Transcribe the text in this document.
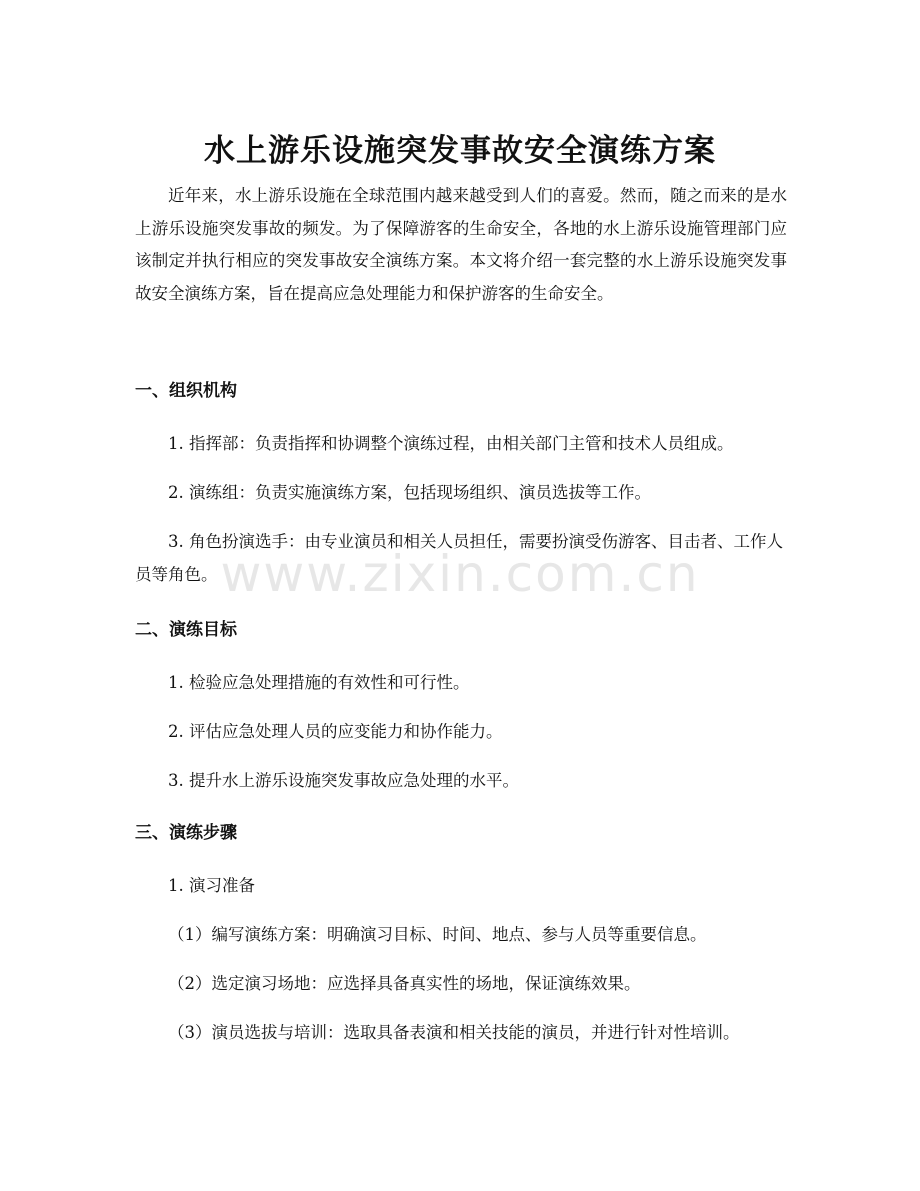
水上游乐设施突发事故安全演练方案

近年来，水上游乐设施在全球范围内越来越受到人们的喜爱。然而，随之而来的是水上游乐设施突发事故的频发。为了保障游客的生命安全，各地的水上游乐设施管理部门应该制定并执行相应的突发事故安全演练方案。本文将介绍一套完整的水上游乐设施突发事故安全演练方案，旨在提高应急处理能力和保护游客的生命安全。

一、组织机构

1. 指挥部：负责指挥和协调整个演练过程，由相关部门主管和技术人员组成。

2. 演练组：负责实施演练方案，包括现场组织、演员选拔等工作。

3. 角色扮演选手：由专业演员和相关人员担任，需要扮演受伤游客、目击者、工作人员等角色。

二、演练目标

1. 检验应急处理措施的有效性和可行性。

2. 评估应急处理人员的应变能力和协作能力。

3. 提升水上游乐设施突发事故应急处理的水平。

三、演练步骤

1. 演习准备

（1）编写演练方案：明确演习目标、时间、地点、参与人员等重要信息。

（2）选定演习场地：应选择具备真实性的场地，保证演练效果。

（3）演员选拔与培训：选取具备表演和相关技能的演员，并进行针对性培训。

www.zixin.com.cn
